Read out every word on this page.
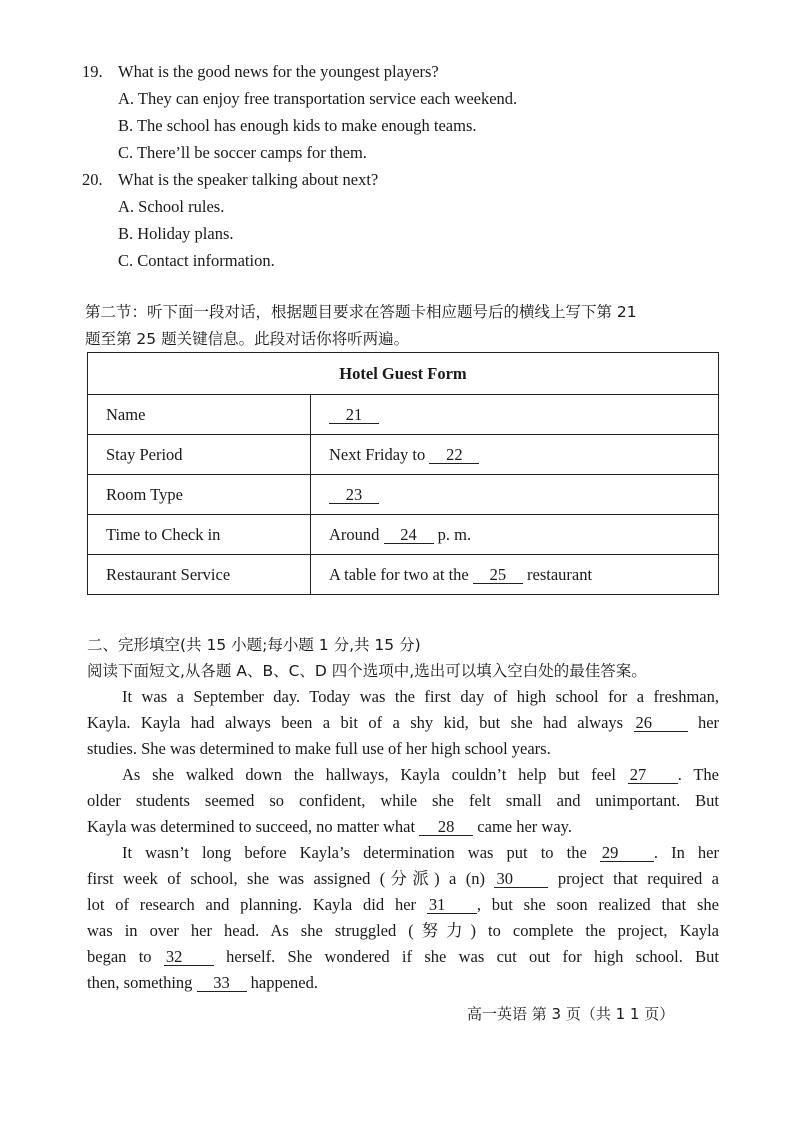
19. What is the good news for the youngest players?
A. They can enjoy free transportation service each weekend.
B. The school has enough kids to make enough teams.
C. There’ll be soccer camps for them.
20. What is the speaker talking about next?
A. School rules.
B. Holiday plans.
C. Contact information.
第二节：听下面一段对话，根据题目要求在答题卡相应题号后的横线上写下第 21
题至第 25 题关键信息。此段对话你将听两遍。
Hotel Guest Form	
Name	21
Stay Period	Next Friday to 22
Room Type	23
Time to Check in	Around 24 p. m.
Restaurant Service	A table for two at the 25 restaurant
二、完形填空(共 15 小题;每小题 1 分,共 15 分)
阅读下面短文,从各题 A、B、C、D 四个选项中,选出可以填入空白处的最佳答案。
It was a September day. Today was the first day of high school for a freshman,
Kayla. Kayla had always been a bit of a shy kid, but she had always 26	her
studies. She was determined to make full use of her high school years.
As she walked down the hallways, Kayla couldn’t help but feel 27 . The
older students seemed so confident, while she felt small and unimportant. But
Kayla was determined to succeed, no matter what 28 came her way.
It wasn’t long before Kayla’s determination was put to the 29 . In her
first week of school, she was assigned (分派) a (n) 30	project that required a
lot of research and planning. Kayla did her 31 , but she soon realized that she
was in over her head. As she struggled (努力) to complete the project, Kayla
began to 32	herself. She wondered if she was cut out for high school. But
then, something 33 happened.
高一英语 第 3 页（共 1 1 页）
